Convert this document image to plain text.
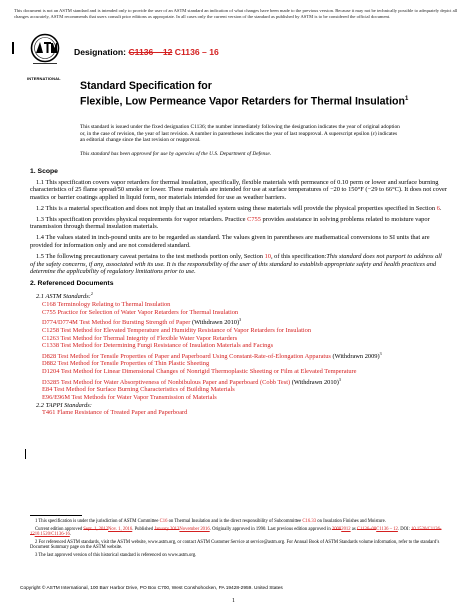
This document is not an ASTM standard and is intended only to provide the user of an ASTM standard an indication of what changes have been made to the previous version. Because it may not be technically possible to adequately depict all changes accurately, ASTM recommends that users consult prior editions as appropriate. In all cases only the current version of the standard as published by ASTM is to be considered the official document.
INTERNATIONAL
Designation: C1136 – 12 C1136 – 16
Standard Specification for
Flexible, Low Permeance Vapor Retarders for Thermal Insulation$^1$
This standard is issued under the fixed designation C1136; the number immediately following the designation indicates the year of original adoption or, in the case of revision, the year of last revision. A number in parentheses indicates the year of last reapproval. A superscript epsilon (ε) indicates an editorial change since the last revision or reapproval.
This standard has been approved for use by agencies of the U.S. Department of Defense.
1. Scope

1.1 This specification covers vapor retarders for thermal insulation, specifically, flexible materials with permeance of 0.10 perm or lower and surface burning characteristics of 25 flame spread/50 smoke or lower. These materials are intended for use at surface temperatures of −20 to 150°F (−29 to 66°C). It does not cover mastics or barrier coatings applied in liquid form, nor materials intended for use as weather barriers.

1.2 This is a material specification and does not imply that an installed system using these materials will provide the physical properties specified in Section 6.

1.3 This specification provides physical requirements for vapor retarders. Practice C755 provides assistance in solving problems related to moisture vapor transmission through thermal insulation materials.

1.4 The values stated in inch-pound units are to be regarded as standard. The values given in parentheses are mathematical conversions to SI units that are provided for information only and are not considered standard.

1.5 The following precautionary caveat pertains to the test methods portion only, Section 10, of this specification:This standard does not purport to address all of the safety concerns, if any, associated with its use. It is the responsibility of the user of this standard to establish appropriate safety and health practices and determine the applicability of regulatory limitations prior to use.

2. Referenced Documents
2.1 ASTM Standards:$^2$
C168 Terminology Relating to Thermal Insulation
C755 Practice for Selection of Water Vapor Retarders for Thermal Insulation
D774/D774M Test Method for Bursting Strength of Paper (Withdrawn 2010)$^3$
C1258 Test Method for Elevated Temperature and Humidity Resistance of Vapor Retarders for Insulation
C1263 Test Method for Thermal Integrity of Flexible Water Vapor Retarders
C1338 Test Method for Determining Fungi Resistance of Insulation Materials and Facings
D828 Test Method for Tensile Properties of Paper and Paperboard Using Constant-Rate-of-Elongation Apparatus (Withdrawn 2009)$^3$
D882 Test Method for Tensile Properties of Thin Plastic Sheeting
D1204 Test Method for Linear Dimensional Changes of Nonrigid Thermoplastic Sheeting or Film at Elevated Temperature
D3285 Test Method for Water Absorptiveness of Nonbibulous Paper and Paperboard (Cobb Test) (Withdrawn 2010)$^3$
E84 Test Method for Surface Burning Characteristics of Building Materials
E96/E96M Test Methods for Water Vapor Transmission of Materials
2.2 TAPPI Standards:
T461 Flame Resistance of Treated Paper and Paperboard

1 This specification is under the jurisdiction of ASTM Committee C16 on Thermal Insulation and is the direct responsibility of Subcommittee C16.33 on Insulation Finishes and Moisture.

Current edition approved Sept. 1, 2012Nov. 1, 2016. Published January 2013November 2016. Originally approved in 1990. Last previous edition approved in 20082012 as C1136–08C1136 – 12. DOI: 10.1520/C1136-1210.1520/C1136-16.

2 For referenced ASTM standards, visit the ASTM website, www.astm.org, or contact ASTM Customer Service at service@astm.org. For Annual Book of ASTM Standards volume information, refer to the standard’s Document Summary page on the ASTM website.

3 The last approved version of this historical standard is referenced on www.astm.org.

Copyright © ASTM International, 100 Barr Harbor Drive, PO Box C700, West Conshohocken, PA 19428-2959. United States
1
